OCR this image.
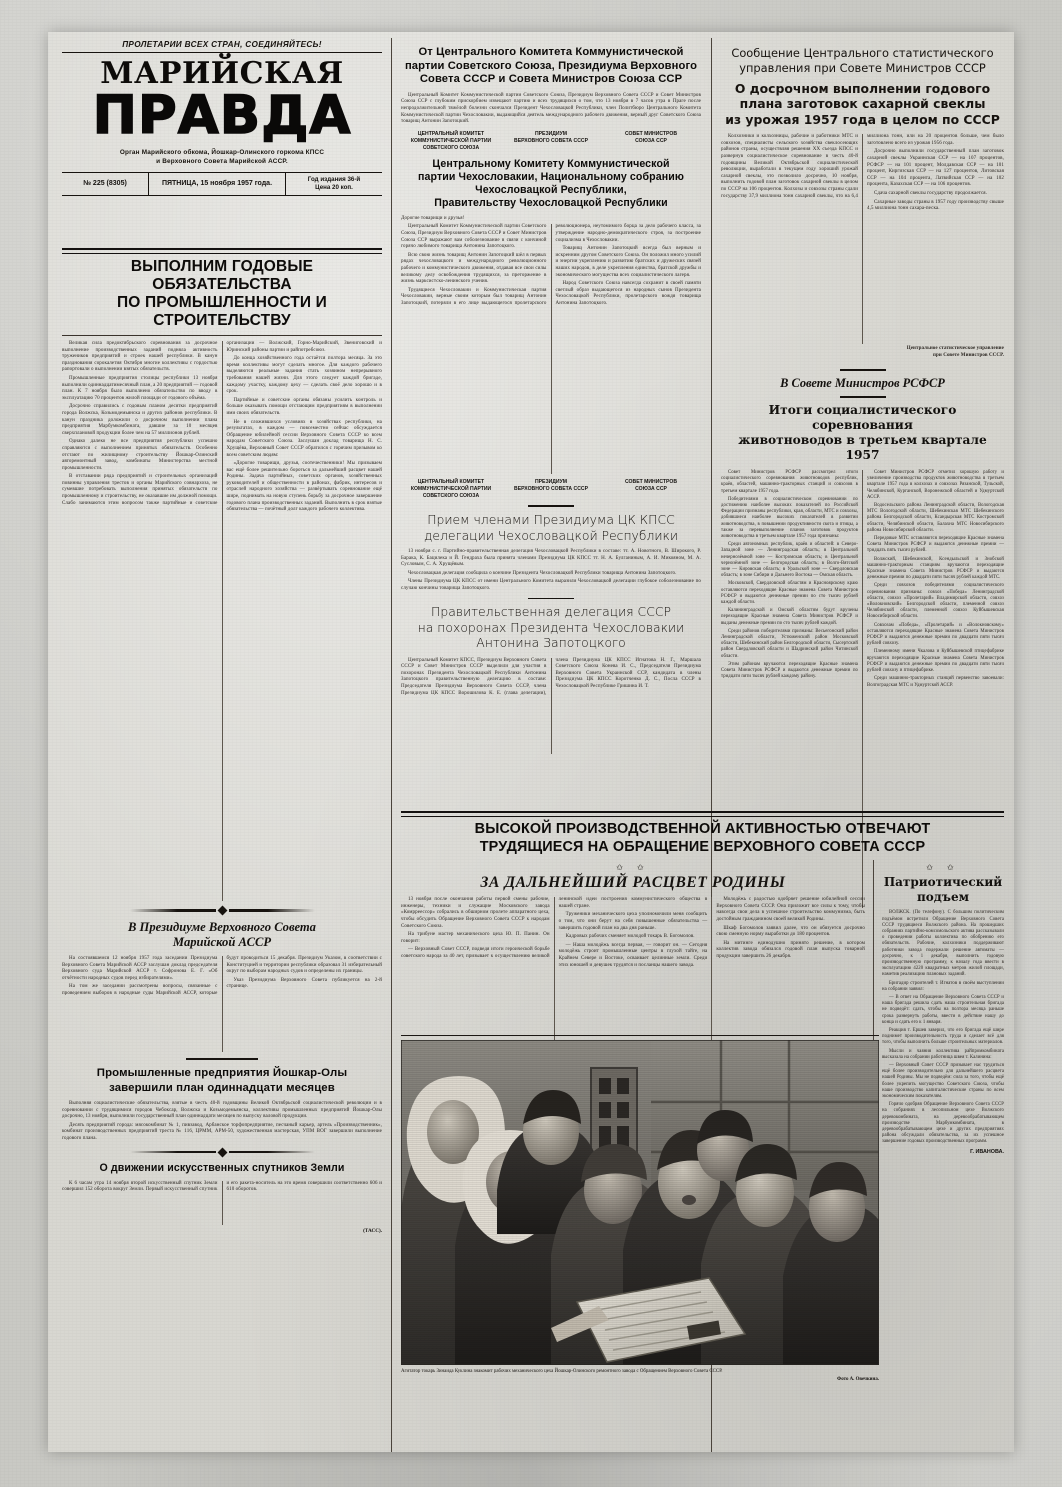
ПРОЛЕТАРИИ ВСЕХ СТРАН, СОЕДИНЯЙТЕСЬ!
МАРИЙСКАЯ
ПРАВДА
Орган Марийского обкома, Йошкар-Олинского горкома КПСС
и Верховного Совета Марийской АССР.
№ 225 (8305)	ПЯТНИЦА, 15 ноября 1957 года.
Год издания 36-й
Цена 20 коп.
ВЫПОЛНИМ ГОДОВЫЕ ОБЯЗАТЕЛЬСТВА
ПО ПРОМЫШЛЕННОСТИ И СТРОИТЕЛЬСТВУ

Великая сила предоктябрьского соревнования за досрочное выполнение производственных заданий подняла активность тружеников предприятий и строек нашей республики. В канун празднования сорокалетия Октября многие коллективы с гордостью рапортовали о выполнении взятых обязательств.

Промышленные предприятия столицы республики 13 ноября выполнили одиннадцатимесячный план, а 20 предприятий — годовой план. К 7 ноября было выполнено обязательство по вводу в эксплуатацию 70 процентов жилой площади от годового объёма.

Досрочно справились с годовым планом десятки предприятий города Волжска, Козьмодемьянска и других районов республики. В канун праздника доложили о досрочном выполнении плана предприятия Марбумкомбината, давшие за 10 месяцев сверхплановой продукции более чем на 57 миллионов рублей.

Однако далеко не все предприятия республики успешно справляются с выполнением принятых обязательств. Особенно отстают по жилищному строительству Йошкар-Олинский авторемонтный завод, комбинаты Министерства местной промышленности.

В отставании ряда предприятий и строительных организаций повинны управления трестов и органы Марийского совнархоза, не сумевшие потребовать выполнения принятых обязательств по промышленному и строительству, не оказавшие им должной помощи. Слабо занимаются этим вопросом также партийные и советские организации — Волжский, Горно-Марийский, Звениговский и Юринский районы партии и райпотребсоюз.

До конца хозяйственного года остаётся полтора месяца. За это время коллективы могут сделать многое. Для каждого рабочего выделяются реальные задания стать хозяином непрерывного требования нашей жизни. Для этого следует каждой бригаде, каждому участку, каждому цеху — сделать своё дело хорошо и в срок.

Партийные и советские органы обязаны усилить контроль и больше оказывать помощи отстающим предприятиям в выполнении ими своих обязательств.

Не в сложившихся условиях в хозяйствах республики, на результатах, в каждом — повсеместно сейчас обсуждается Обращение юбилейной сессии Верховного Совета СССР ко всем народам Советского Союза. Заслушан доклад товарища Н. С. Хрущёва, Верховный Совет СССР обратился с горячим призывом ко всем советским людям:

«Дорогие товарищи, друзья, соотечественники! Мы призываем вас ещё более решительно бороться за дальнейший расцвет нашей Родины. Задача партийных, советских органов, хозяйственных руководителей и общественности в районах, фабрик, интересов и отраслей народного хозяйства — развёртывать соревнование ещё шире, поднимать на новую ступень борьбу за досрочное завершение годового плана производственных заданий. Выполнить в срок взятые обязательства — почётный долг каждого рабочего коллектива.

В Президиуме Верховного Совета
Марийской АССР

На состоявшемся 12 ноября 1957 года заседании Президиума Верховного Совета Марийской АССР заслушан доклад председателя Верховного суда Марийской АССР т. Софронова Е. Г. «Об отчётности народных судов перед избирателями».

На том же заседании рассмотрены вопросы, связанные с проведением выборов в народные суды Марийской АССР, которые будут проводиться 15 декабря. Президиум Указом, в соответствии с Конституцией и территории республики образовал 31 избирательный округ по выборам народных судов и определены их границы.

Указ Президиума Верховного Совета публикуется на 2-й странице.

Промышленные предприятия Йошкар-Олы
завершили план одиннадцати месяцев

Выполняя социалистические обязательства, взятые в честь 40-й годовщины Великой Октябрьской социалистической революции и в соревновании с трудящимися городов Чебоксар, Волжска и Козьмодемьянска, коллективы промышленных предприятий Йошкар-Олы досрочно, 13 ноября, выполнили государственный план одиннадцати месяцев по выпуску валовой продукции.

Десять предприятий города: мясокомбинат № 1, пивзавод, Арбанское торфопредприятие, песчаный карьер, артель «Производственник», комбинат производственных предприятий треста № 116, ЦРММ, АРМ-50, художественная мастерская, УПМ ВОГ завершили выполнение годового плана.

О движении искусственных спутников Земли

К 6 часам утра 14 ноября второй искусственный спутник Земли совершил 152 оборота вокруг Земли. Первый искусственный спутник и его ракета-носитель на это время совершили соответственно 606 и 610 оборотов.

(ТАСС).
От Центрального Комитета Коммунистической
партии Советского Союза, Президиума Верховного
Совета СССР и Совета Министров Союза ССР

Центральный Комитет Коммунистической партии Советского Союза, Президиум Верховного Совета СССР и Совет Министров Союза ССР с глубоким прискорбием извещают партию и всех трудящихся о том, что 13 ноября в 7 часов утра в Праге после непродолжительной тяжёлой болезни скончался Президент Чехословацкой Республики, член Политбюро Центрального Комитета Коммунистической партии Чехословакии, выдающийся деятель международного рабочего движения, верный друг Советского Союза товарищ Антонин Запотоцкий.

ЦЕНТРАЛЬНЫЙ КОМИТЕТ
КОММУНИСТИЧЕСКОЙ ПАРТИИ
СОВЕТСКОГО СОЮЗА
ПРЕЗИДИУМ
ВЕРХОВНОГО СОВЕТА СССР
СОВЕТ МИНИСТРОВ
СОЮЗА ССР
Центральному Комитету Коммунистической
партии Чехословакии, Национальному собранию
Чехословацкой Республики,
Правительству Чехословацкой Республики

Дорогие товарищи и друзья!

Центральный Комитет Коммунистической партии Советского Союза, Президиум Верховного Совета СССР и Совет Министров Союза ССР выражают вам соболезнование в связи с кончиной горячо любимого товарища Антонина Запотоцкого.

Всю свою жизнь товарищ Антонин Запотоцкий шёл в первых рядах чехословацкого и международного революционного рабочего и коммунистического движения, отдавая все свои силы великому делу освобождения трудящихся, за преторжение в жизнь марксистско-ленинского учения.

Трудящиеся Чехословакии и Коммунистическая партия Чехословакии, верные своим которым был товарищ Антонин Запотоцкий, потеряли в его лице выдающегося пролетарского революционера, неутомимого борца за дело рабочего класса, за утверждение народно-демократического строя, за построение социализма в Чехословакии.

Товарищ Антонин Запотоцкий всегда был верным и искренним другом Советского Союза. Он положил много усилий и энергии укреплению и развитию братских и дружеских связей наших народов, в деле укрепления единства, братской дружбы и экономического могущества всех социалистического лагеря.

Народ Советского Союза навсегда сохранит в своей памяти светлый образ выдающегося из народных сынов Президента Чехословацкой Республики, пролетарского вождя товарища Антонина Запотоцкого.

ЦЕНТРАЛЬНЫЙ КОМИТЕТ
КОММУНИСТИЧЕСКОЙ ПАРТИИ
СОВЕТСКОГО СОЮЗА
ПРЕЗИДИУМ
ВЕРХОВНОГО СОВЕТА СССР
СОВЕТ МИНИСТРОВ
СОЮЗА ССР
Прием членами Президиума ЦК КПСС
делегации Чехословацкой Республики

13 ноября с. г. Партийно-правительственная делегация Чехословацкой Республики в составе: тт. А. Новотного, В. Широкого, Р. Барака, К. Бацилека и Й. Гендраха была принята членами Президиума ЦК КПСС тт. Н. А. Булганиным, А. И. Микояном, М. А. Сусловым, С. А. Хрущёвым.

Чехословацкая делегация сообщила о кончине Президента Чехословацкой Республики товарища Антонина Запотоцкого.

Члены Президиума ЦК КПСС от имени Центрального Комитета выразили Чехословацкой делегации глубокое соболезнование по случаю кончины товарища Запотоцкого.

Правительственная делегация СССР
на похоронах Президента Чехословакии
Антонина Запотоцкого

Центральный Комитет КПСС, Президиум Верховного Совета СССР и Совет Министров СССР выделили для участия в похоронах Президента Чехословацкой Республики Антонина Запотоцкого правительственную делегацию в составе: Председателя Президиума Верховного Совета СССР, члена Президиума ЦК КПСС Ворошилова К. Е. (глава делегации), члена Президиума ЦК КПСС Игнатова Н. Г., Маршала Советского Союза Конева И. С., Председателя Президиума Верховного Совета Украинской ССР, кандидата в члены Президиума ЦК КПСС Коротченко Д. С., Посла СССР в Чехословацкой Республике Гришина И. Т.

Сообщение Центрального статистического
управления при Совете Министров СССР
О досрочном выполнении годового
плана заготовок сахарной свеклы
из урожая 1957 года в целом по СССР

Колхозники и колхозницы, рабочие и работники МТС и совхозов, специалисты сельского хозяйства свеклосеющих районов страны, осуществляя решения XX съезда КПСС и развернув социалистическое соревнование в честь 40-й годовщины Великой Октябрьской социалистической революции, выработали в текущем году хороший урожай сахарной свеклы, это позволило досрочно, 10 ноября, выполнить годовой план заготовок сахарной свеклы в целом по СССР на 106 процентов. Колхозы и совхозы страны сдали государству 37,9 миллиона тонн сахарной свеклы, что на 6,4 миллиона тонн, или на 20 процентов больше, чем было заготовлено всего из урожая 1956 года.

Досрочно выполнили государственный план заготовок сахарной свеклы Украинская ССР — на 107 процентов, РСФСР — на 101 процент, Молдавская ССР — на 101 процент, Киргизская ССР — на 127 процентов, Литовская ССР — на 104 процента, Латвийская ССР — на 102 процента, Казахская ССР — на 106 процентов.

Сдача сахарной свеклы государству продолжается.

Сахарные заводы страны в 1957 году производству свыше 4,5 миллиона тонн сахара-песка.

Центральное статистическое управление
при Совете Министров СССР.
В Совете Министров РСФСР
Итоги социалистического соревнования
животноводов в третьем квартале 1957

Совет Министров РСФСР рассмотрел итоги социалистического соревнования животноводов республик, краёв, областей, машинно-тракторных станций и совхозов в третьем квартале 1957 года.

Победителями в социалистическом соревновании по достижению наиболее высоких показателей по Российской Федерации признаны республики, края, области, МТС и совхозы, добившиеся наиболее высоких показателей в развитии животноводства, в повышении продуктивности скота и птицы, а также за перевыполнение планов заготовок продуктов животноводства в третьем квартале 1957 года признаны:

Среди автономных республик, краёв и областей: в Северо-Западной зоне — Ленинградская область; в Центральной нечернозёмной зоне — Костромская область; в Центральной чернозёмной зоне — Белгородская область; в Волго-Вятской зоне — Кировская область; в Уральской зоне — Свердловская область; в зоне Сибири и Дальнего Востока — Омская область.

Московской, Свердловской областям и Красноярскому краю оставляются переходящие Красные знамена Совета Министров РСФСР и выдаются денежные премии по сто тысяч рублей каждой области.

Калининградской и Омской областям будут вручены переходящие Красные знамена Совета Министров РСФСР и выданы денежные премии по сто тысяч рублей каждой.

Среди районов победителями признаны: Весьегонский район Ленинградской области, Устюженский район Московской области, Шебекинский район Белгородской области, Сысертский район Свердловской области и Шадринский район Читинской области.

Этим районам вручаются переходящие Красные знамена Совета Министров РСФСР и выдаются денежные премии по тридцати пяти тысяч рублей каждому району.

Совет Министров РСФСР отметил хорошую работу и увеличение производства продуктов животноводства в третьем квартале 1957 года в колхозах и совхозах Рязанской, Тульской, Челябинской, Курганской, Воронежской областей и Удмуртской АССР.

Водосельского района Ленинградской области, Вологодская МТС Вологодской области, Шебекинская МТС Шебекинского района Белгородской области, Ксандырская МТС Костромской области, Челябинской области, Балахна МТС Новосибирского района Новосибирской области.

Передовые МТС оставляются переходящие Красные знамена Совета Министров РСФСР и выдаются денежные премии — тридцать пять тысяч рублей.

Волжский, Шебекинской, Ксендыльской и Знобской машинно-тракторным станциям вручаются переходящие Красные знамена Совета Министров РСФСР и выдаются денежные премии по двадцати пяти тысяч рублей каждой МТС.

Среди совхозов победителями социалистического соревнования признаны: совхоз «Победа» Ленинградской области, совхоз «Пролетарий» Владимирской области, совхоз «Волокновский» Белгородской области, племенной совхоз Челябинской области, племенной совхоз Куйбышевская Новосибирской области.

Совхозам «Победа», «Пролетарий» и «Волокновскому» оставляются переходящие Красные знамена Совета Министров РСФСР и выдаются денежные премии по двадцати пяти тысяч рублей совхозу.

Племенному имени Чкалова и Куйбышевской птицефабрике вручаются переходящие Красные знамена Совета Министров РСФСР и выдаются денежные премии по двадцати пяти тысяч рублей совхозу и птицефабрике.

Среди машинно-тракторных станций первенство завоевали: Волгоградская МТС и Удмуртской АССР.

ВЫСОКОЙ ПРОИЗВОДСТВЕННОЙ АКТИВНОСТЬЮ ОТВЕЧАЮТ
ТРУДЯЩИЕСЯ НА ОБРАЩЕНИЕ ВЕРХОВНОГО СОВЕТА СССР
✩ ✩
ЗА ДАЛЬНЕЙШИЙ РАСЦВЕТ РОДИНЫ

13 ноября после окончания работы первой смены рабочие, инженеры, техники и служащие Московского завода «Комрреессор» собрались в обширном пролете аппаратного цеха, чтобы обсудить Обращение Верховного Совета СССР к народам Советского Союза.

На трибуне мастер механического цеха Ю. П. Панин. Он говорит:

— Верховный Совет СССР, подведя итоги героической борьбе советского народа за 40 лет, призывает к осуществлению великой ленинской идеи построения коммунистического общества в нашей стране.

Труженики механического цеха уполномочили меня сообщить о том, что они берут на себя повышенные обязательства — завершить годовой план на два дня раньше.

Кадровых рабочих сменяет молодой токарь В. Богомолов.

— Наша молодёжь всегда первая, — говорит он. — Сегодня молодёжь строит промышленные центры в глухой тайге, на Крайнем Севере и Востоке, осваивает целинные земли. Среди этих юношей и девушек трудятся и посланцы нашего завода.

Молодёжь с радостью одобряет решение юбилейной сессии Верховного Совета СССР. Она приложит все силы к тому, чтобы навсегда свои дела в успешное строительство коммунизма, быть достойным гражданином своей великой Родины.

Шкаф Богомолов заявил далее, что он обязуется досрочно свою сменную норму выработки до 180 процентов.

На митинге единодушно принято решение, в котором коллектив завода обязался годовой план выпуска товарной продукции завершить 26 декабря.

✩ ✩
Патриотический
подъем

ВОЛЖСК. (По телефону). С большим политическим подъёмом встретили Обращение Верховного Совета СССР трудящиеся Волжского района. На прошедших собраниях партийно-комсомольского актива рассказывали о проведении работы коллектива по обобрению его обязательств. Рабочие, колхозники поддерживают работники завода подержали решение автоматы — досрочно, к 1 декабря, выполнить годовую производственную программу, к началу года ввести в эксплуатацию 4220 квадратных метров жилой площади, наметив реализацию плановых заданий.

Бригадир строителей т. Игнатов в своём выступлении на собрании заявил:

— В ответ на Обращение Верховного Совета СССР и наша бригада решила сдать наша строительная бригада не подведёт: сдать, чтобы на полтора месяца раньше срока развернуть работы, ввести в действие нашу до конца и сдать его к 1 января.

Реакция т. Ершев заверил, что его бригада ещё шире поднимет производительность труда и сделает всё для того, чтобы выполнить больше строительных материалов.

Мысли и чаяния коллектива райпромкомбината высказала на собрании работница швея т. Калинина:

— Верховный Совет СССР призывает нас трудиться ещё более производительно для дальнейшего расцвета нашей Родины. Мы не подведём: сила за того, чтобы ещё более укрепить могущество Советского Союза, чтобы наше производство капиталистические страны по всем экономическим показателям.

Горячо одобряя Обращение Верховного Совета СССР на собраниях в лесопильном цехе Волжского деревокомбината, на деревообрабатывающем производстве Марбумкомбината, в деревообрабатывающем цехе и других предприятиях района обсуждали обязательства, за их успешное завершение годовых производственных программ.

Г. ИВАНОВА.
Агитатор токарь Зинаида Куклина знакомит рабочих механического цеха Йошкар-Олинского ремонтного завода с Обращением Верховного Совета СССР.
Фото А. Овечкина.
